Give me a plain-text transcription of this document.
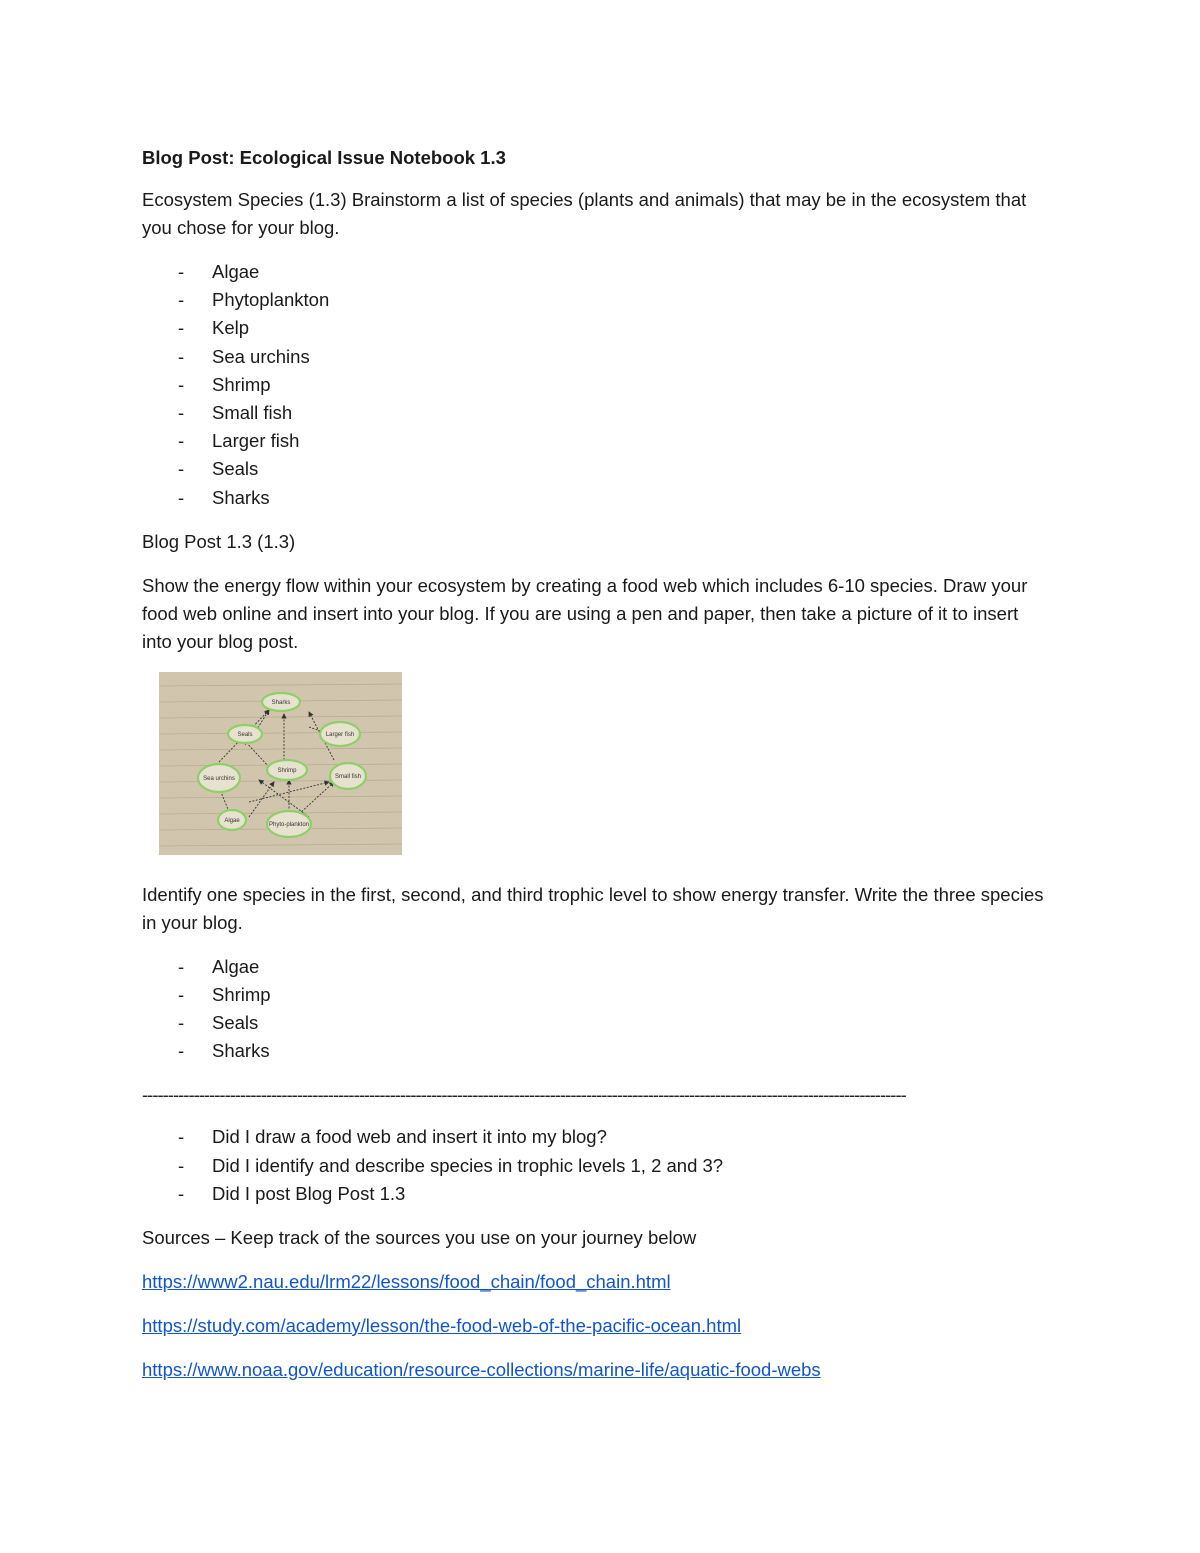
Blog Post: Ecological Issue Notebook 1.3

Ecosystem Species (1.3) Brainstorm a list of species (plants and animals) that may be in the ecosystem that you chose for your blog.

- Algae
- Phytoplankton
- Kelp
- Sea urchins
- Shrimp
- Small fish
- Larger fish
- Seals
- Sharks

Blog Post 1.3 (1.3)

Show the energy flow within your ecosystem by creating a food web which includes 6-10 species. Draw your food web online and insert into your blog. If you are using a pen and paper, then take a picture of it to insert into your blog post.

Sharks
Seals	Larger fish
Sea urchins
Shrimp
Small fish
Algae
Phyto-plankton

Identify one species in the first, second, and third trophic level to show energy transfer. Write the three species in your blog.

- Algae
- Shrimp
- Seals
- Sharks
----------------------------------------------------------------------------------------------------------------------------------------------------
- Did I draw a food web and insert it into my blog?
- Did I identify and describe species in trophic levels 1, 2 and 3?
- Did I post Blog Post 1.3

Sources – Keep track of the sources you use on your journey below

https://www2.nau.edu/lrm22/lessons/food_chain/food_chain.html

https://study.com/academy/lesson/the-food-web-of-the-pacific-ocean.html

https://www.noaa.gov/education/resource-collections/marine-life/aquatic-food-webs
